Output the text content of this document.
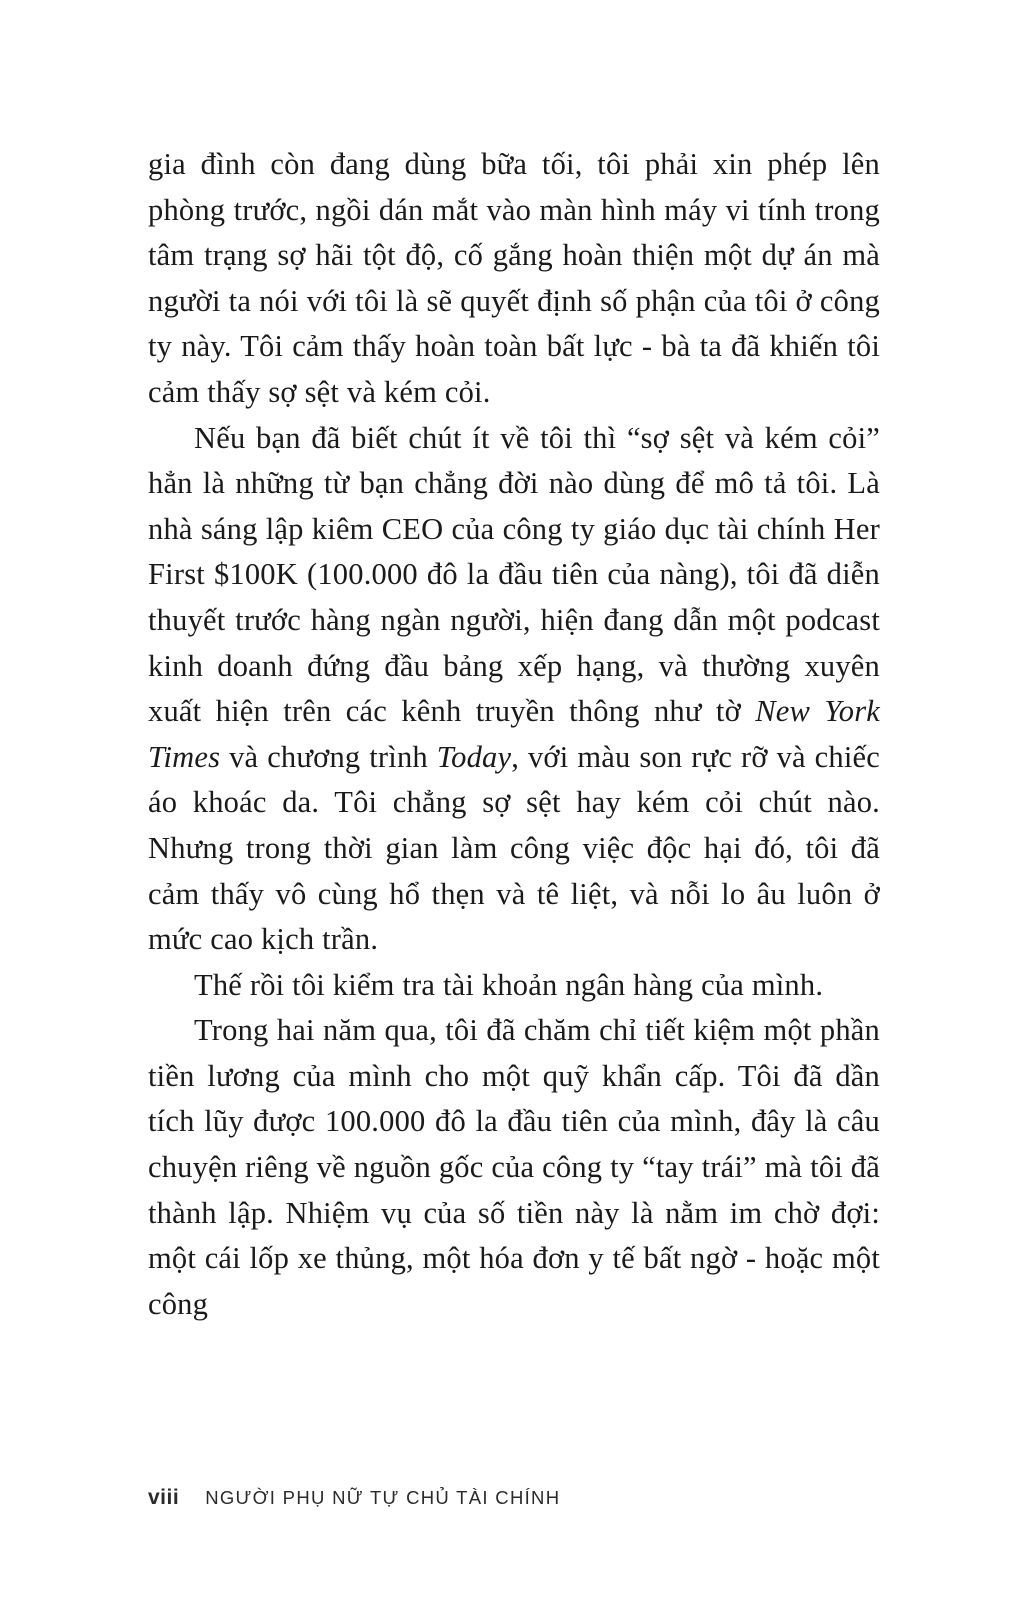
gia đình còn đang dùng bữa tối, tôi phải xin phép lên phòng trước, ngồi dán mắt vào màn hình máy vi tính trong tâm trạng sợ hãi tột độ, cố gắng hoàn thiện một dự án mà người ta nói với tôi là sẽ quyết định số phận của tôi ở công ty này. Tôi cảm thấy hoàn toàn bất lực - bà ta đã khiến tôi cảm thấy sợ sệt và kém cỏi.

Nếu bạn đã biết chút ít về tôi thì “sợ sệt và kém cỏi” hẳn là những từ bạn chẳng đời nào dùng để mô tả tôi. Là nhà sáng lập kiêm CEO của công ty giáo dục tài chính Her First $100K (100.000 đô la đầu tiên của nàng), tôi đã diễn thuyết trước hàng ngàn người, hiện đang dẫn một podcast kinh doanh đứng đầu bảng xếp hạng, và thường xuyên xuất hiện trên các kênh truyền thông như tờ New York Times và chương trình Today, với màu son rực rỡ và chiếc áo khoác da. Tôi chẳng sợ sệt hay kém cỏi chút nào. Nhưng trong thời gian làm công việc độc hại đó, tôi đã cảm thấy vô cùng hổ thẹn và tê liệt, và nỗi lo âu luôn ở mức cao kịch trần.

Thế rồi tôi kiểm tra tài khoản ngân hàng của mình.

Trong hai năm qua, tôi đã chăm chỉ tiết kiệm một phần tiền lương của mình cho một quỹ khẩn cấp. Tôi đã dần tích lũy được 100.000 đô la đầu tiên của mình, đây là câu chuyện riêng về nguồn gốc của công ty “tay trái” mà tôi đã thành lập. Nhiệm vụ của số tiền này là nằm im chờ đợi: một cái lốp xe thủng, một hóa đơn y tế bất ngờ - hoặc một công

viii NGƯỜI PHỤ NỮ TỰ CHỦ TÀI CHÍNH
